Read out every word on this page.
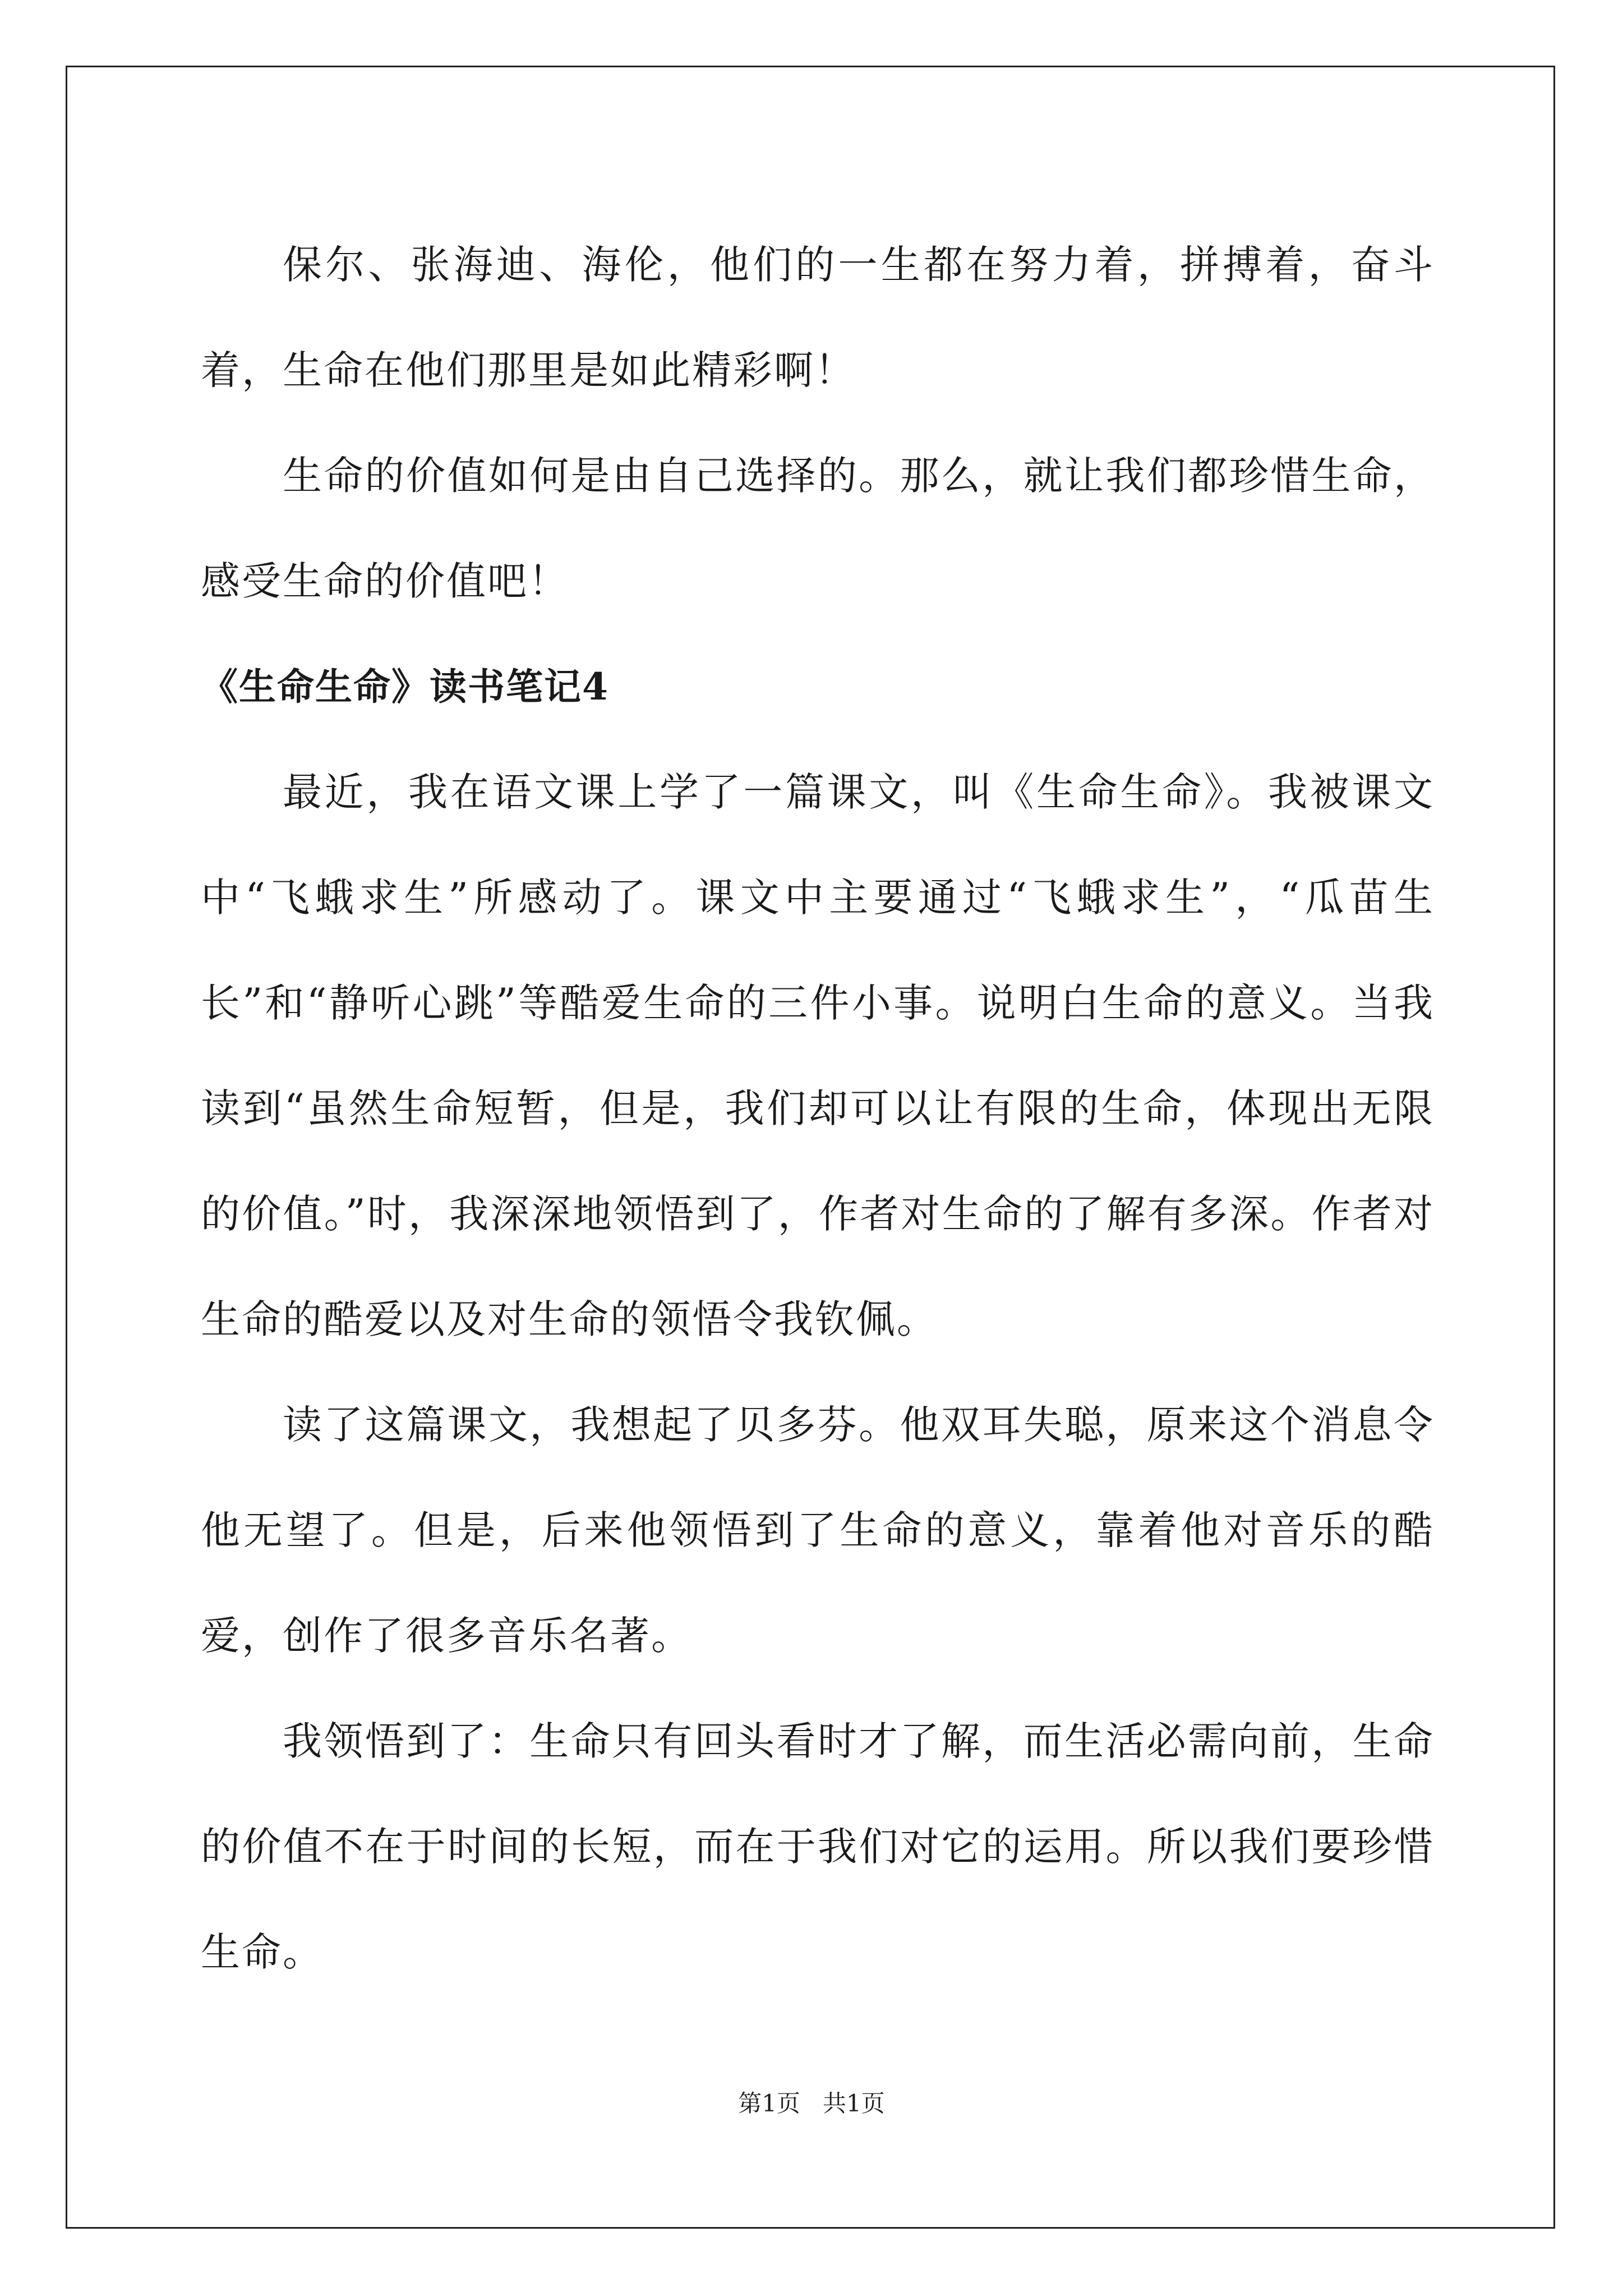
保尔、张海迪、海伦，他们的一生都在努力着，拼搏着，奋斗着，生命在他们那里是如此精彩啊！

生命的价值如何是由自己选择的。那么，就让我们都珍惜生命，感受生命的价值吧！

《生命生命》读书笔记4

最近，我在语文课上学了一篇课文，叫《生命生命》。我被课文中“飞蛾求生”所感动了。课文中主要通过“飞蛾求生”，“瓜苗生长”和“静听心跳”等酷爱生命的三件小事。说明白生命的意义。当我读到“虽然生命短暂，但是，我们却可以让有限的生命，体现出无限的价值。”时，我深深地领悟到了，作者对生命的了解有多深。作者对生命的酷爱以及对生命的领悟令我钦佩。

读了这篇课文，我想起了贝多芬。他双耳失聪，原来这个消息令他无望了。但是，后来他领悟到了生命的意义，靠着他对音乐的酷爱，创作了很多音乐名著。

我领悟到了：生命只有回头看时才了解，而生活必需向前，生命的价值不在于时间的长短，而在于我们对它的运用。所以我们要珍惜生命。

第1页   共1页
